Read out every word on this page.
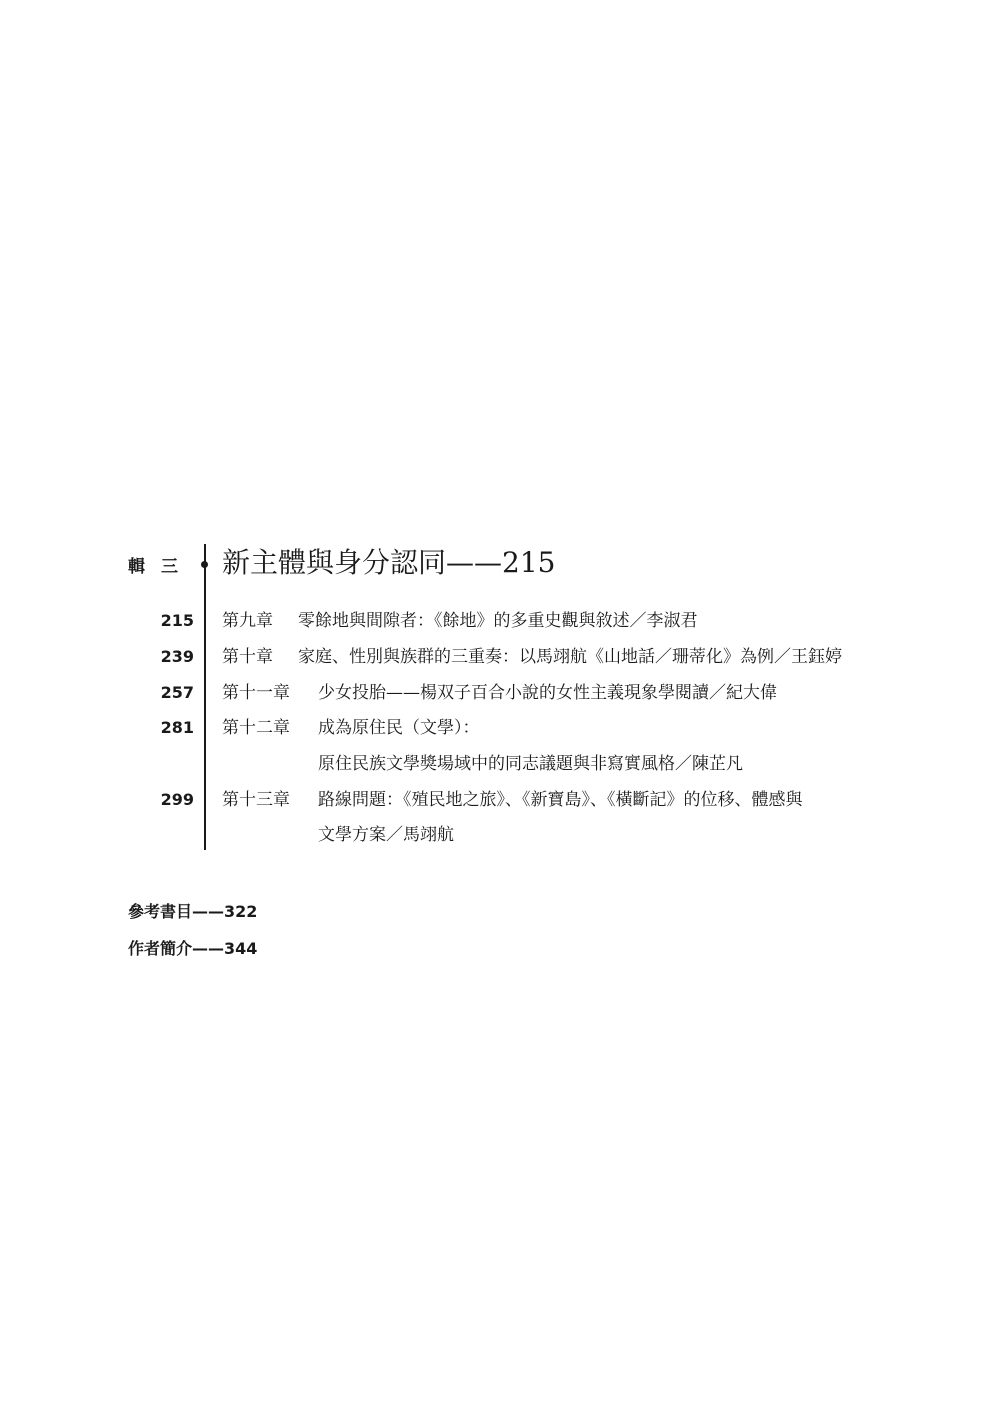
輯三 新主體與身分認同——215
215 第九章 零餘地與間隙者：《餘地》的多重史觀與敘述／李淑君
239 第十章 家庭、性別與族群的三重奏：以馬翊航《山地話／珊蒂化》為例／王鈺婷
257 第十一章 少女投胎——楊双子百合小說的女性主義現象學閱讀／紀大偉
281 第十二章 成為原住民（文學）：
原住民族文學獎場域中的同志議題與非寫實風格／陳芷凡
299 第十三章 路線問題：《殖民地之旅》、《新寶島》、《橫斷記》的位移、體感與
文學方案／馬翊航
參考書目——322
作者簡介——344
